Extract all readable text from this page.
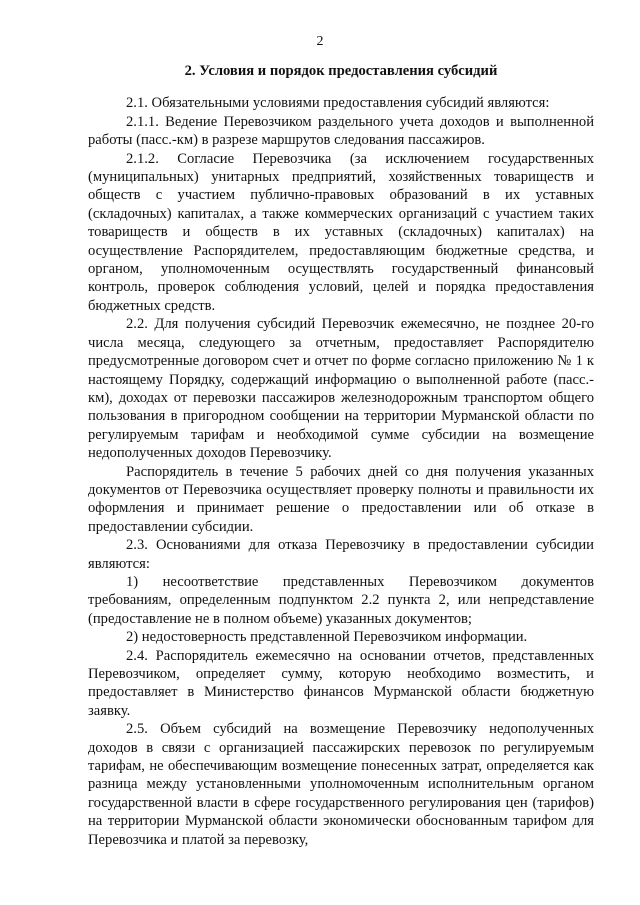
2
2. Условия и порядок предоставления субсидий

2.1. Обязательными условиями предоставления субсидий являются:

2.1.1. Ведение Перевозчиком раздельного учета доходов и выполненной работы (пасс.-км) в разрезе маршрутов следования пассажиров.

2.1.2. Согласие Перевозчика (за исключением государственных (муниципальных) унитарных предприятий, хозяйственных товариществ и обществ с участием публично-правовых образований в их уставных (складочных) капиталах, а также коммерческих организаций с участием таких товариществ и обществ в их уставных (складочных) капиталах) на осуществление Распорядителем, предоставляющим бюджетные средства, и органом, уполномоченным осуществлять государственный финансовый контроль, проверок соблюдения условий, целей и порядка предоставления бюджетных средств.

2.2. Для получения субсидий Перевозчик ежемесячно, не позднее 20-го числа месяца, следующего за отчетным, предоставляет Распорядителю предусмотренные договором счет и отчет по форме согласно приложению № 1 к настоящему Порядку, содержащий информацию о выполненной работе (пасс.-км), доходах от перевозки пассажиров железнодорожным транспортом общего пользования в пригородном сообщении на территории Мурманской области по регулируемым тарифам и необходимой сумме субсидии на возмещение недополученных доходов Перевозчику.

Распорядитель в течение 5 рабочих дней со дня получения указанных документов от Перевозчика осуществляет проверку полноты и правильности их оформления и принимает решение о предоставлении или об отказе в предоставлении субсидии.

2.3. Основаниями для отказа Перевозчику в предоставлении субсидии являются:

1) несоответствие представленных Перевозчиком документов требованиям, определенным подпунктом 2.2 пункта 2, или непредставление (предоставление не в полном объеме) указанных документов;

2) недостоверность представленной Перевозчиком информации.

2.4. Распорядитель ежемесячно на основании отчетов, представленных Перевозчиком, определяет сумму, которую необходимо возместить, и предоставляет в Министерство финансов Мурманской области бюджетную заявку.

2.5. Объем субсидий на возмещение Перевозчику недополученных доходов в связи с организацией пассажирских перевозок по регулируемым тарифам, не обеспечивающим возмещение понесенных затрат, определяется как разница между установленными уполномоченным исполнительным органом государственной власти в сфере государственного регулирования цен (тарифов) на территории Мурманской области экономически обоснованным тарифом для Перевозчика и платой за перевозку,
